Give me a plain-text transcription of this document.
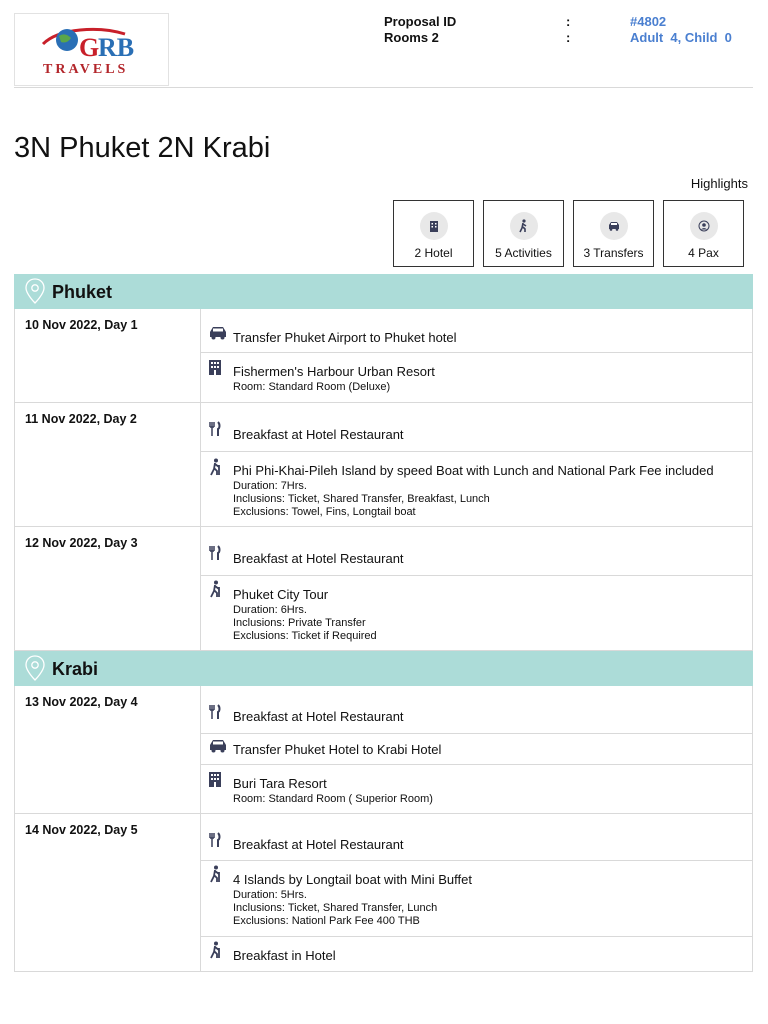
G
RB
TRAVELS
Proposal ID	:	#4802
Rooms 2	:	Adult  4, Child  0
3N Phuket 2N Krabi
Highlights
2 Hotel	5 Activities	3 Transfers	4 Pax
Phuket
10 Nov 2022, Day 1
Transfer Phuket Airport to Phuket hotel
Fishermen's Harbour Urban Resort
Room: Standard Room (Deluxe)
11 Nov 2022, Day 2
Breakfast at Hotel Restaurant
Phi Phi-Khai-Pileh Island by speed Boat with Lunch and National Park Fee included
Duration: 7Hrs.
Inclusions: Ticket, Shared Transfer, Breakfast, Lunch
Exclusions: Towel, Fins, Longtail boat
12 Nov 2022, Day 3
Breakfast at Hotel Restaurant
Phuket City Tour
Duration: 6Hrs.
Inclusions: Private Transfer
Exclusions: Ticket if Required
Krabi
13 Nov 2022, Day 4
Breakfast at Hotel Restaurant
Transfer Phuket Hotel to Krabi Hotel
Buri Tara Resort
Room: Standard Room ( Superior Room)
14 Nov 2022, Day 5
Breakfast at Hotel Restaurant
4 Islands by Longtail boat with Mini Buffet
Duration: 5Hrs.
Inclusions: Ticket, Shared Transfer, Lunch
Exclusions: Nationl Park Fee 400 THB
Breakfast in Hotel
